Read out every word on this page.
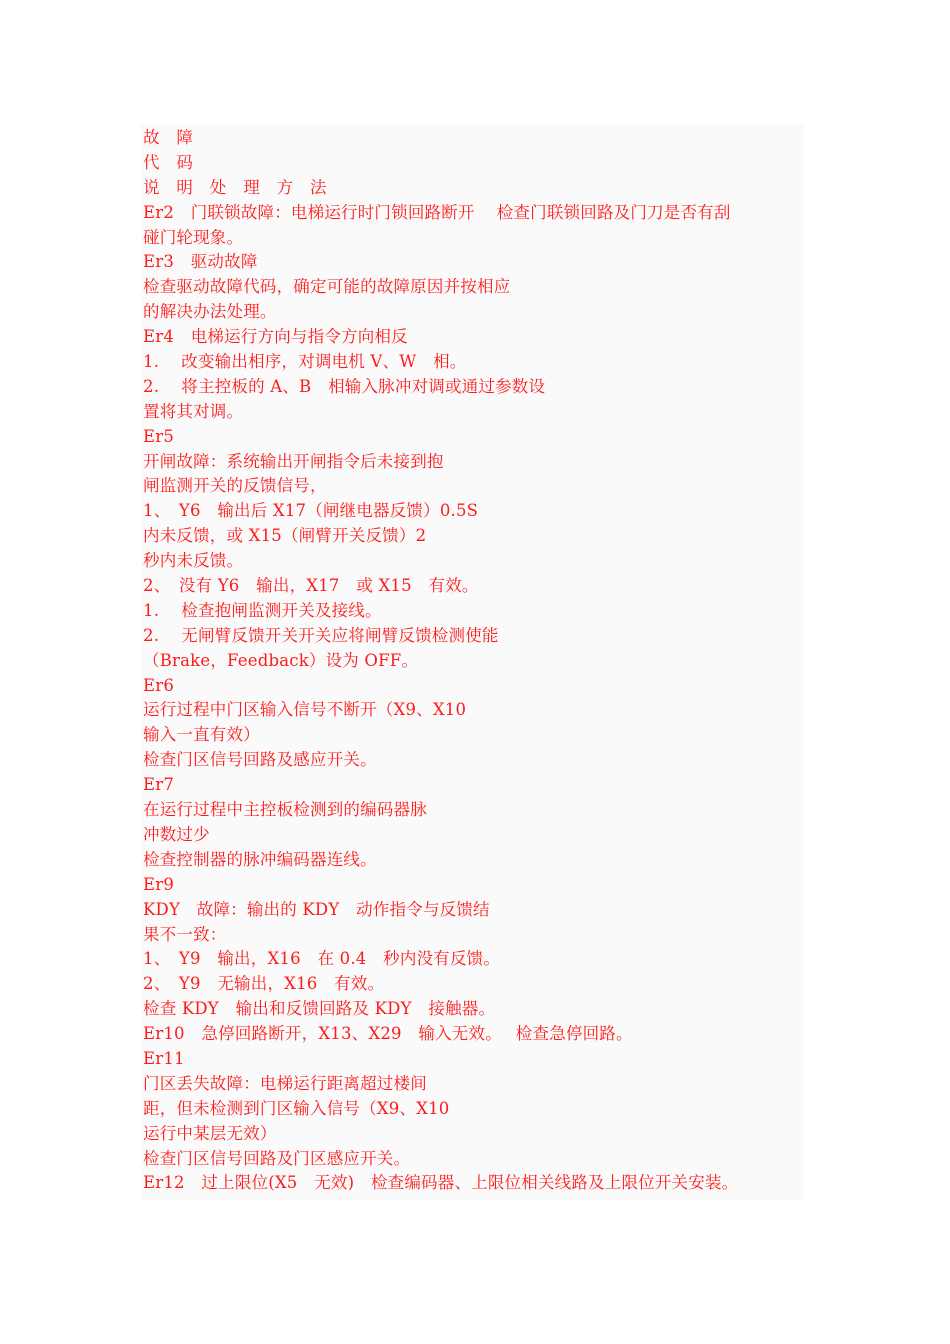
故　障
代　码
说　明　处　理　方　法
Er2　门联锁故障：电梯运行时门锁回路断开　 检查门联锁回路及门刀是否有刮
碰门轮现象。
Er3　驱动故障
检查驱动故障代码，确定可能的故障原因并按相应
的解决办法处理。
Er4　电梯运行方向与指令方向相反
1.　 改变输出相序，对调电机 V、W　相。
2.　 将主控板的 A、B　相输入脉冲对调或通过参数设
置将其对调。
Er5
开闸故障：系统输出开闸指令后未接到抱
闸监测开关的反馈信号，
1、　Y6　输出后 X17（闸继电器反馈）0.5S
内未反馈，或 X15（闸臂开关反馈）2
秒内未反馈。
2、　没有 Y6　输出，X17　或 X15　有效。
1.　 检查抱闸监测开关及接线。
2.　 无闸臂反馈开关开关应将闸臂反馈检测使能
（Brake，Feedback）设为 OFF。
Er6
运行过程中门区输入信号不断开（X9、X10
输入一直有效）
检查门区信号回路及感应开关。
Er7
在运行过程中主控板检测到的编码器脉
冲数过少
检查控制器的脉冲编码器连线。
Er9
KDY　故障：输出的 KDY　动作指令与反馈结
果不一致：
1、　Y9　输出，X16　在 0.4　秒内没有反馈。
2、　Y9　无输出，X16　有效。
检查 KDY　输出和反馈回路及 KDY　接触器。
Er10　急停回路断开，X13、X29　输入无效。　 检查急停回路。
Er11
门区丢失故障：电梯运行距离超过楼间
距，但未检测到门区输入信号（X9、X10
运行中某层无效）
检查门区信号回路及门区感应开关。
Er12　过上限位(X5　无效)　检查编码器、上限位相关线路及上限位开关安装。
